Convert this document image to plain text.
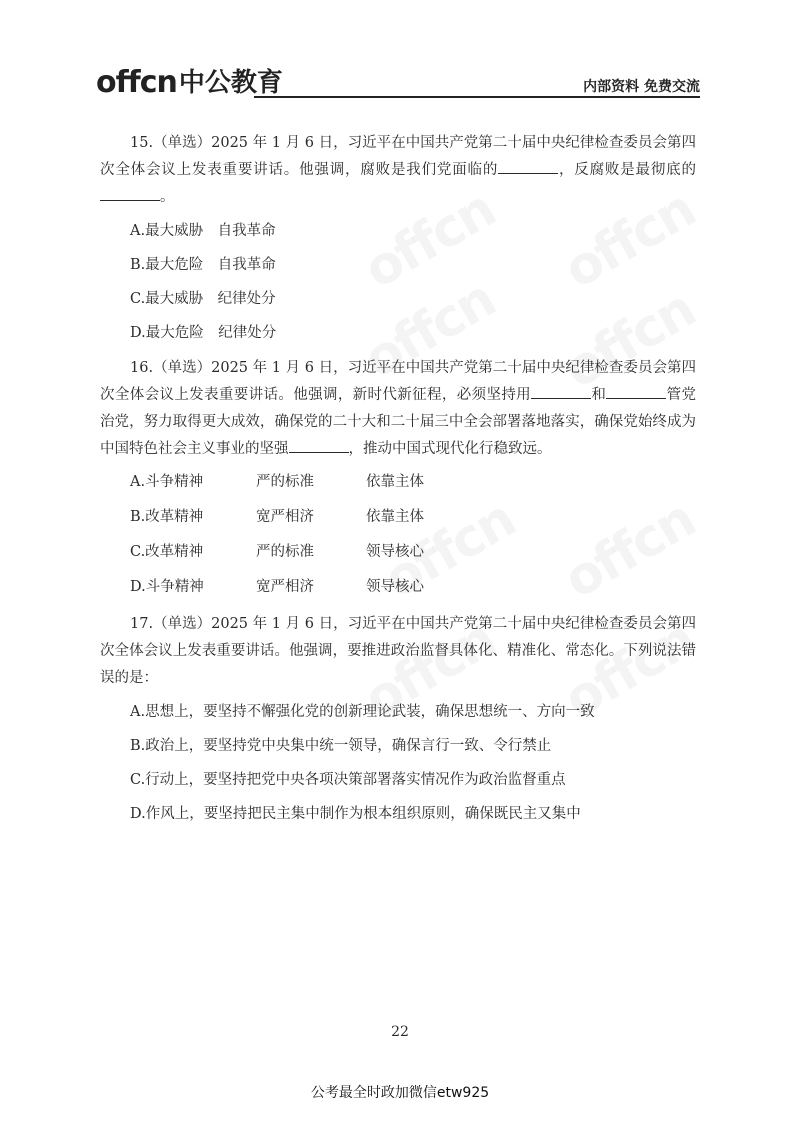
offcn 中公教育	内部资料 免费交流

15.（单选）2025 年 1 月 6 日，习近平在中国共产党第二十届中央纪律检查委员会第四次全体会议上发表重要讲话。他强调，腐败是我们党面临的	，反腐败是最彻底的。

A.最大威胁　自我革命
B.最大危险　自我革命
C.最大威胁　纪律处分
D.最大危险　纪律处分

16.（单选）2025 年 1 月 6 日，习近平在中国共产党第二十届中央纪律检查委员会第四次全体会议上发表重要讲话。他强调，新时代新征程，必须坚持用	和	管党治党，努力取得更大成效，确保党的二十大和二十届三中全会部署落地落实，确保党始终成为中国特色社会主义事业的坚强	，推动中国式现代化行稳致远。

A.斗争精神	严的标准	依靠主体
B.改革精神	宽严相济	依靠主体
C.改革精神	严的标准	领导核心
D.斗争精神	宽严相济	领导核心

17.（单选）2025 年 1 月 6 日，习近平在中国共产党第二十届中央纪律检查委员会第四次全体会议上发表重要讲话。他强调，要推进政治监督具体化、精准化、常态化。下列说法错误的是：

A.思想上，要坚持不懈强化党的创新理论武装，确保思想统一、方向一致
B.政治上，要坚持党中央集中统一领导，确保言行一致、令行禁止
C.行动上，要坚持把党中央各项决策部署落实情况作为政治监督重点
D.作风上，要坚持把民主集中制作为根本组织原则，确保既民主又集中
22
公考最全时政加微信etw925
